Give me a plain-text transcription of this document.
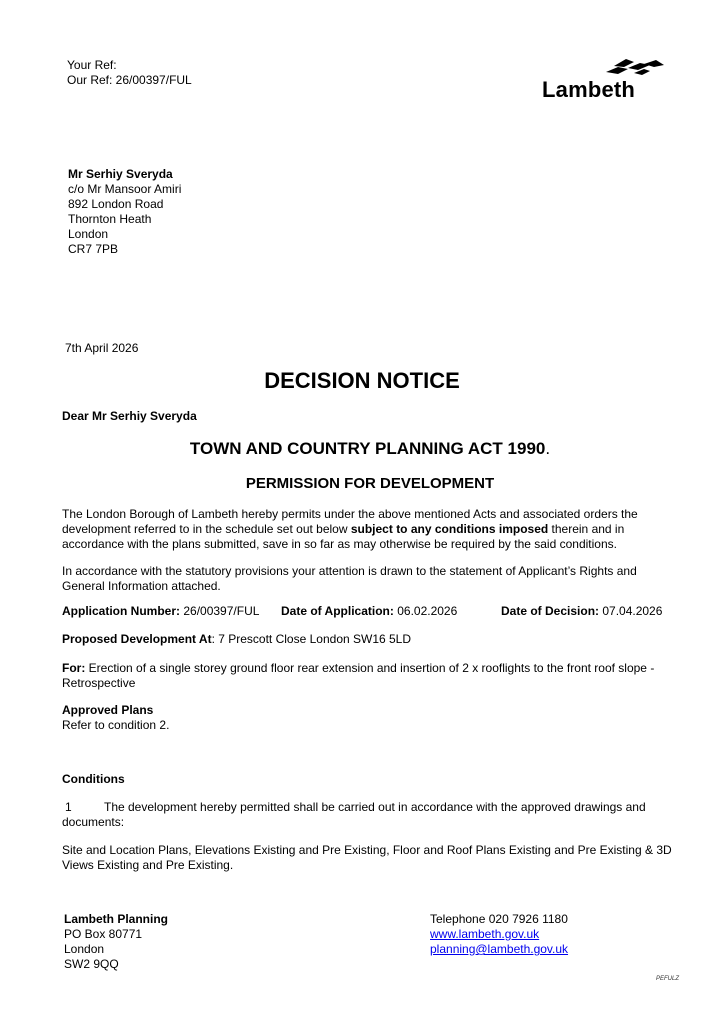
Your Ref:
Our Ref: 26/00397/FUL	Lambeth
Mr Serhiy Sveryda
c/o Mr Mansoor Amiri
892 London Road
Thornton Heath
London
CR7 7PB
7th April 2026
DECISION NOTICE
Dear Mr Serhiy Sveryda
TOWN AND COUNTRY PLANNING ACT 1990.
PERMISSION FOR DEVELOPMENT

The London Borough of Lambeth hereby permits under the above mentioned Acts and associated orders the development referred to in the schedule set out below subject to any conditions imposed therein and in accordance with the plans submitted, save in so far as may otherwise be required by the said conditions.

In accordance with the statutory provisions your attention is drawn to the statement of Applicant’s Rights and General Information attached.

Application Number: 26/00397/FUL Date of Application: 06.02.2026	Date of Decision: 07.04.2026

Proposed Development At: 7 Prescott Close London SW16 5LD

For: Erection of a single storey ground floor rear extension and insertion of 2 x rooflights to the front roof slope - Retrospective

Approved Plans
Refer to condition 2.
Conditions

1	The development hereby permitted shall be carried out in accordance with the approved drawings and documents:

Site and Location Plans, Elevations Existing and Pre Existing, Floor and Roof Plans Existing and Pre Existing & 3D Views Existing and Pre Existing.

Lambeth Planning
PO Box 80771
London
SW2 9QQ
Telephone 020 7926 1180
www.lambeth.gov.uk
planning@lambeth.gov.uk
PEFULZ
